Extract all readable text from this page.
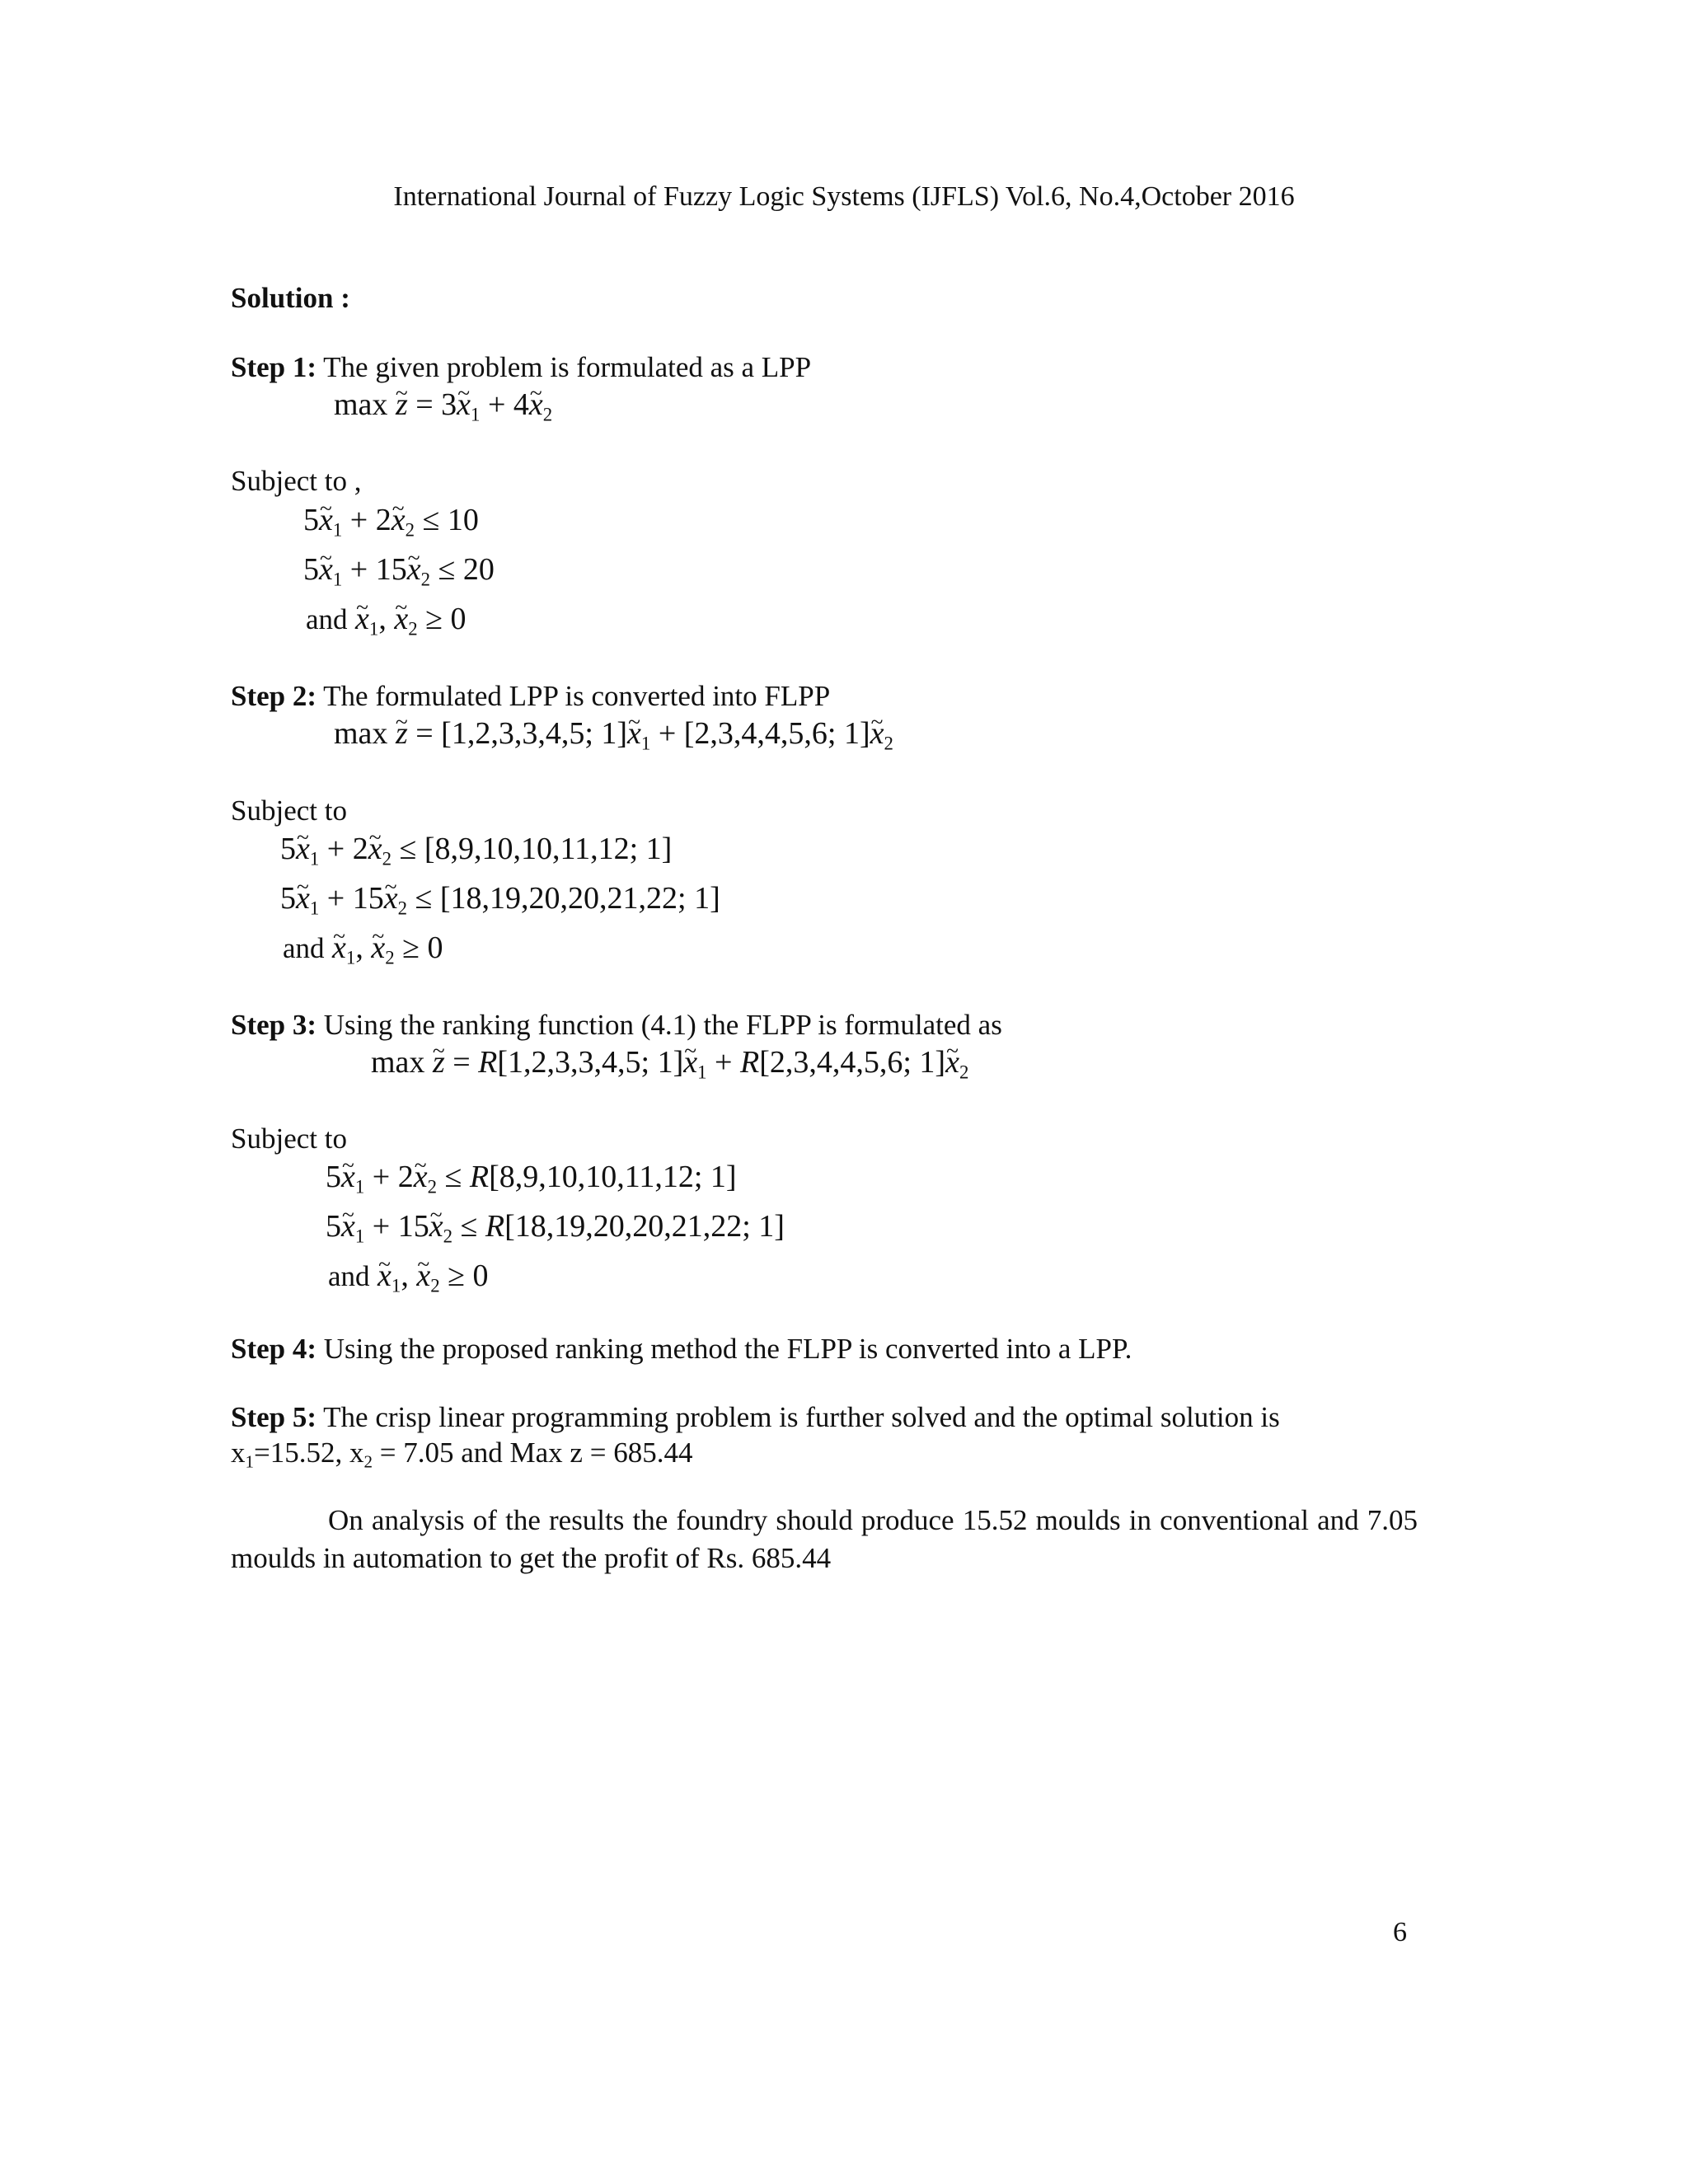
International Journal of Fuzzy Logic Systems (IJFLS) Vol.6, No.4,October 2016
Solution :
Step 1: The given problem is formulated as a LPP
max ~ z = 3~ $x_1$ + 4~ $x_2$
Subject to ,
5~ $x_1$ + 2~ $x_2 \le 10$
5~ $x_1$ + 15~ $x_2 \le 20$
and ~ $x_1$, ~ $x_2 \ge 0$
Step 2: The formulated LPP is converted into FLPP
max ~ z = [1,2,3,3,4,5; 1]~ $x_1 + [2,3,4,4,5,6$; 1]~ $x_2$
Subject to
5~ $x_1$ + 2~ $x_2 \le [8,9,10,10,11,12$; 1]
5~ $x_1$ + 15~ $x_2 \le [18,19,20,20,21,22$; 1]
and ~ $x_1$, ~ $x_2 \ge 0$
Step 3: Using the ranking function (4.1) the FLPP is formulated as
max ~ z = R[1,2,3,3,4,5; 1]~ $x_1 + R[2,3,4,4,5,6$; 1]~ $x_2$
Subject to
5~ $x_1$ + 2~ $x_2 \le R[8,9,10,10,11,12$; 1]
5~ $x_1$ + 15~ $x_2 \le R[18,19,20,20,21,22$; 1]
and ~ $x_1$, ~ $x_2 \ge 0$
Step 4: Using the proposed ranking method the FLPP is converted into a LPP.
Step 5: The crisp linear programming problem is further solved and the optimal solution is
$x_1=15.52$, $x_2 = 7.05$ and Max z = 685.44
On analysis of the results the foundry should produce 15.52 moulds in conventional and 7.05 moulds in automation to get the profit of Rs. 685.44
6
